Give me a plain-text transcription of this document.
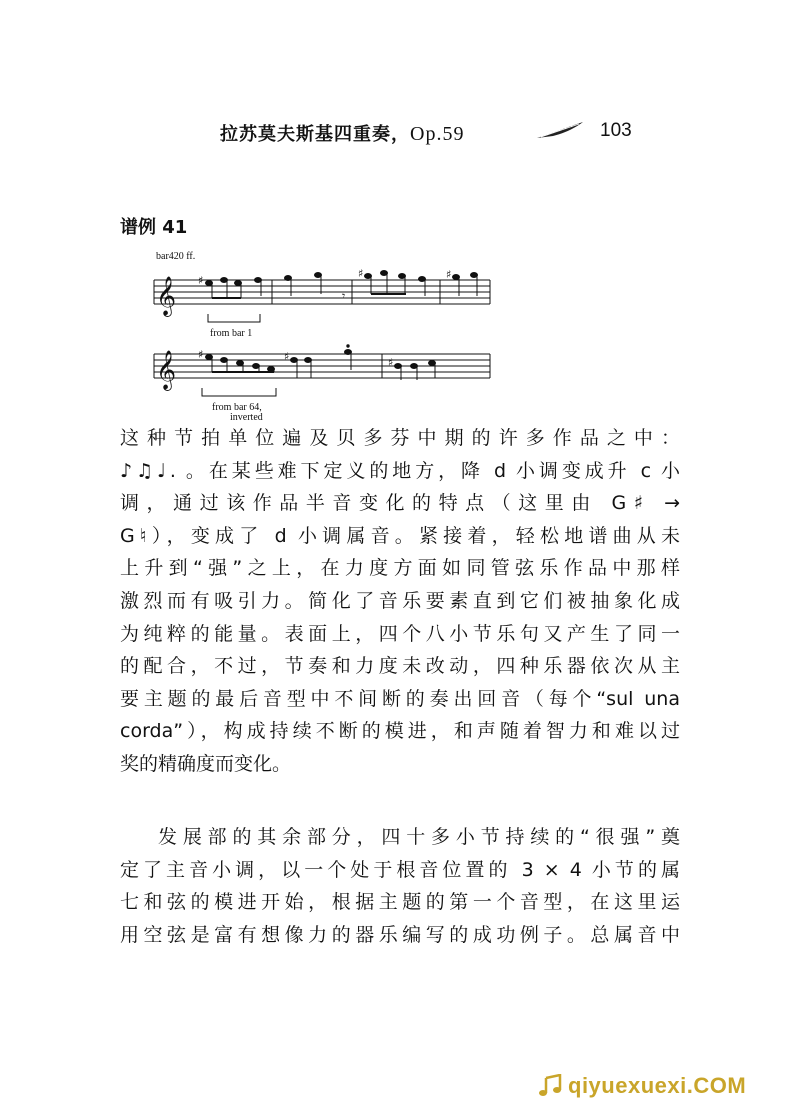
拉苏莫夫斯基四重奏，Op.59	103
谱例 41
bar420 ff.
𝄞 ♯
𝄾
♯	♯
from bar 1
𝄞 ♯	♯	♯
from bar 64,
inverted
这种节拍单位遍及贝多芬中期的许多作品之中：
♪♫♩. 。在某些难下定义的地方，降 d 小调变成升 c 小
调，通过该作品半音变化的特点（这里由 G♯ →
G♮），变成了 d 小调属音。紧接着，轻松地谱曲从未
上升到“强”之上，在力度方面如同管弦乐作品中那样
激烈而有吸引力。简化了音乐要素直到它们被抽象化成
为纯粹的能量。表面上，四个八小节乐句又产生了同一
的配合，不过，节奏和力度未改动，四种乐器依次从主
要主题的最后音型中不间断的奏出回音（每个“sul una
corda”），构成持续不断的模进，和声随着智力和难以过
奖的精确度而变化。
发展部的其余部分，四十多小节持续的“很强”奠
定了主音小调，以一个处于根音位置的 3 × 4 小节的属
七和弦的模进开始，根据主题的第一个音型，在这里运
用空弦是富有想像力的器乐编写的成功例子。总属音中
qiyuexuexi.COM
